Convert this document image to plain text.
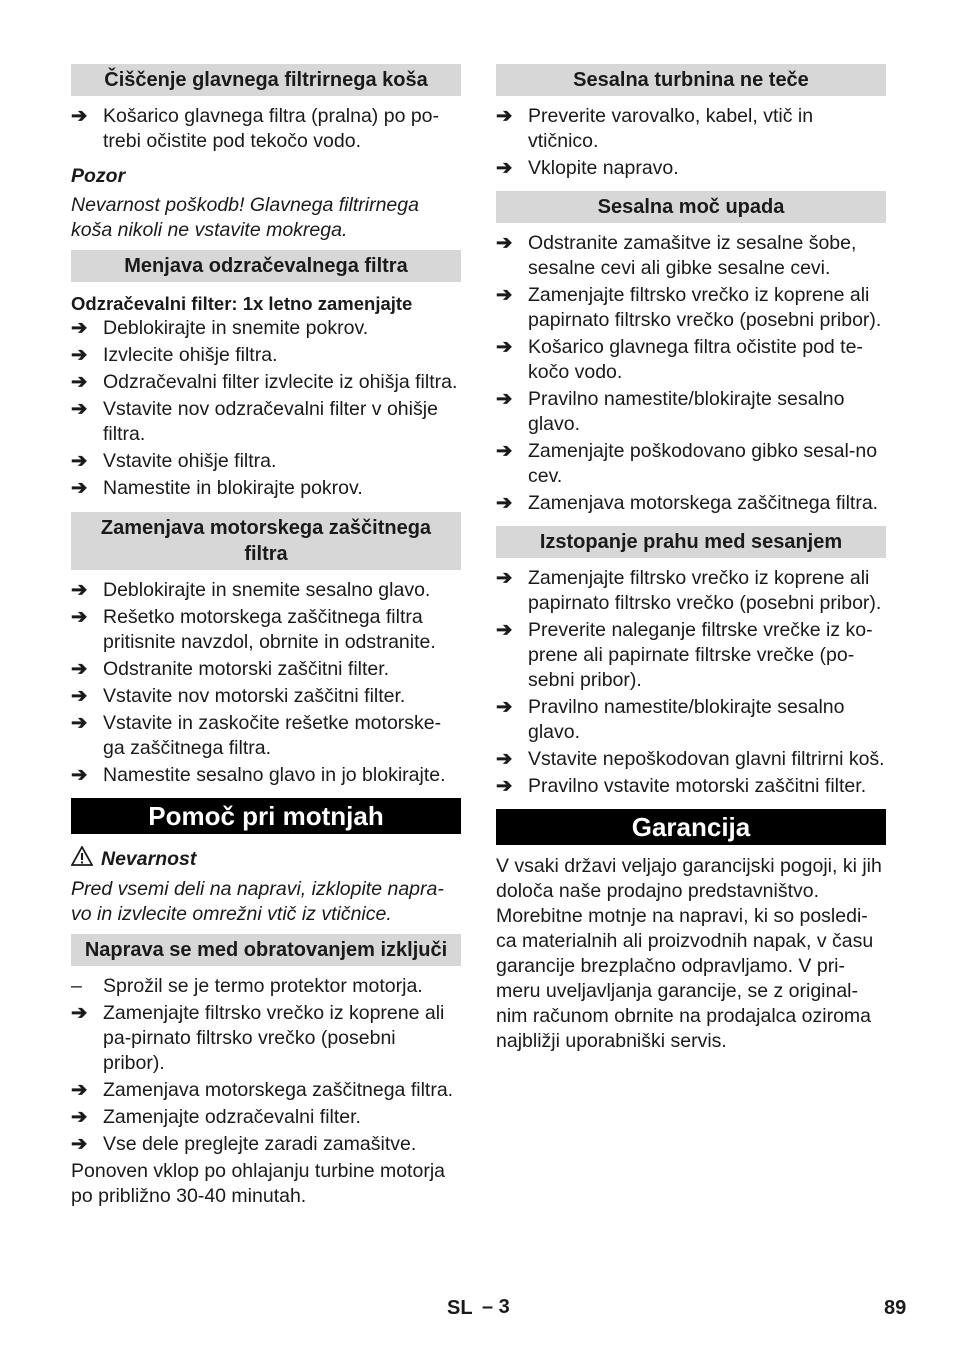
Čiščenje glavnega filtrirnega koša
➔ Košarico glavnega filtra (pralna) po po-trebi očistite pod tekočo vodo.
Pozor
Nevarnost poškodb! Glavnega filtrirnega koša nikoli ne vstavite mokrega.
Menjava odzračevalnega filtra
Odzračevalni filter: 1x letno zamenjajte
➔ Deblokirajte in snemite pokrov.
➔ Izvlecite ohišje filtra.
➔ Odzračevalni filter izvlecite iz ohišja filtra.
➔ Vstavite nov odzračevalni filter v ohišje filtra.
➔ Vstavite ohišje filtra.
➔ Namestite in blokirajte pokrov.
Zamenjava motorskega zaščitnega filtra
➔ Deblokirajte in snemite sesalno glavo.
➔ Rešetko motorskega zaščitnega filtra pritisnite navzdol, obrnite in odstranite.
➔ Odstranite motorski zaščitni filter.
➔ Vstavite nov motorski zaščitni filter.
➔ Vstavite in zaskočite rešetke motorske-ga zaščitnega filtra.
➔ Namestite sesalno glavo in jo blokirajte.
Pomoč pri motnjah
Nevarnost
Pred vsemi deli na napravi, izklopite napra-vo in izvlecite omrežni vtič iz vtičnice.
Naprava se med obratovanjem izključi
–	Sprožil se je termo protektor motorja.
➔ Zamenjajte filtrsko vrečko iz koprene ali pa-pirnato filtrsko vrečko (posebni pribor).
➔ Zamenjava motorskega zaščitnega filtra.
➔ Zamenjajte odzračevalni filter.
➔ Vse dele preglejte zaradi zamašitve.
Ponoven vklop po ohlajanju turbine motorja po približno 30-40 minutah.
Sesalna turbnina ne teče
➔ Preverite varovalko, kabel, vtič in vtičnico.
➔ Vklopite napravo.
Sesalna moč upada
➔ Odstranite zamašitve iz sesalne šobe, sesalne cevi ali gibke sesalne cevi.
➔ Zamenjajte filtrsko vrečko iz koprene ali papirnato filtrsko vrečko (posebni pribor).
➔ Košarico glavnega filtra očistite pod te-kočo vodo.
➔ Pravilno namestite/blokirajte sesalno glavo.
➔ Zamenjajte poškodovano gibko sesal-no cev.
➔ Zamenjava motorskega zaščitnega filtra.
Izstopanje prahu med sesanjem
➔ Zamenjajte filtrsko vrečko iz koprene ali papirnato filtrsko vrečko (posebni pribor).
➔ Preverite naleganje filtrske vrečke iz ko-prene ali papirnate filtrske vrečke (po-sebni pribor).
➔ Pravilno namestite/blokirajte sesalno glavo.
➔ Vstavite nepoškodovan glavni filtrirni koš.
➔ Pravilno vstavite motorski zaščitni filter.
Garancija
V vsaki državi veljajo garancijski pogoji, ki jih določa naše prodajno predstavništvo. Morebitne motnje na napravi, ki so posledi-ca materialnih ali proizvodnih napak, v času garancije brezplačno odpravljamo. V pri-meru uveljavljanja garancije, se z original-nim računom obrnite na prodajalca oziroma najbližji uporabniški servis.
SL – 3	89
